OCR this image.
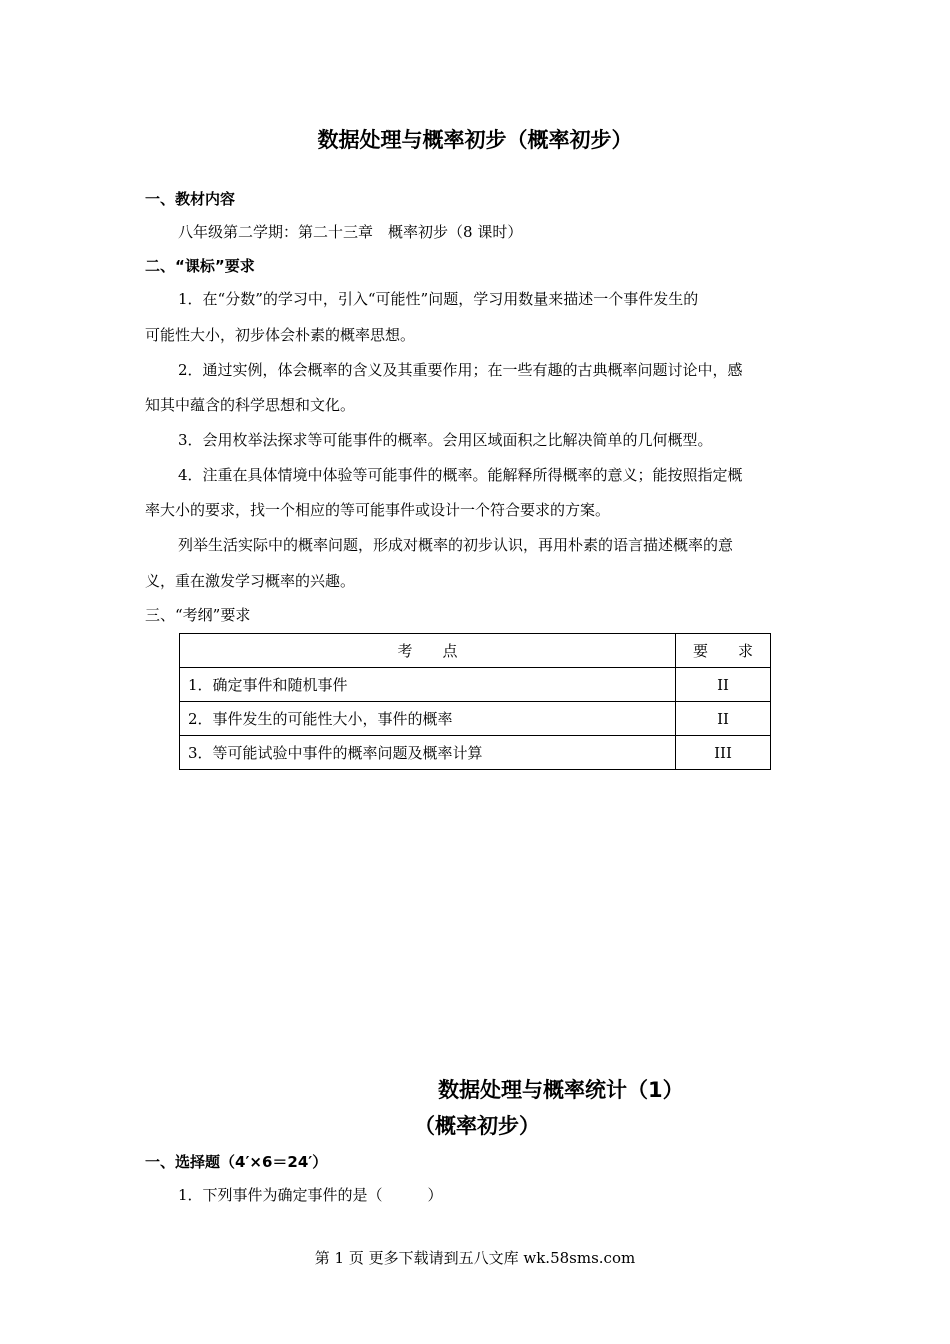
数据处理与概率初步（概率初步）
一、教材内容
八年级第二学期：第二十三章　概率初步（8 课时）
二、“课标”要求
1．在“分数”的学习中，引入“可能性”问题，学习用数量来描述一个事件发生的
可能性大小，初步体会朴素的概率思想。
2．通过实例，体会概率的含义及其重要作用；在一些有趣的古典概率问题讨论中，感
知其中蕴含的科学思想和文化。
3．会用枚举法探求等可能事件的概率。会用区域面积之比解决简单的几何概型。
4．注重在具体情境中体验等可能事件的概率。能解释所得概率的意义；能按照指定概
率大小的要求，找一个相应的等可能事件或设计一个符合要求的方案。
列举生活实际中的概率问题，形成对概率的初步认识，再用朴素的语言描述概率的意
义，重在激发学习概率的兴趣。
三、“考纲”要求
考　　点	要　　求
1．确定事件和随机事件	II
2．事件发生的可能性大小，事件的概率	II
3．等可能试验中事件的概率问题及概率计算	III
数据处理与概率统计（1）
（概率初步）
一、选择题（4′×6＝24′）
1．下列事件为确定事件的是（　　　）
第 1 页 更多下载请到五八文库 wk.58sms.com
